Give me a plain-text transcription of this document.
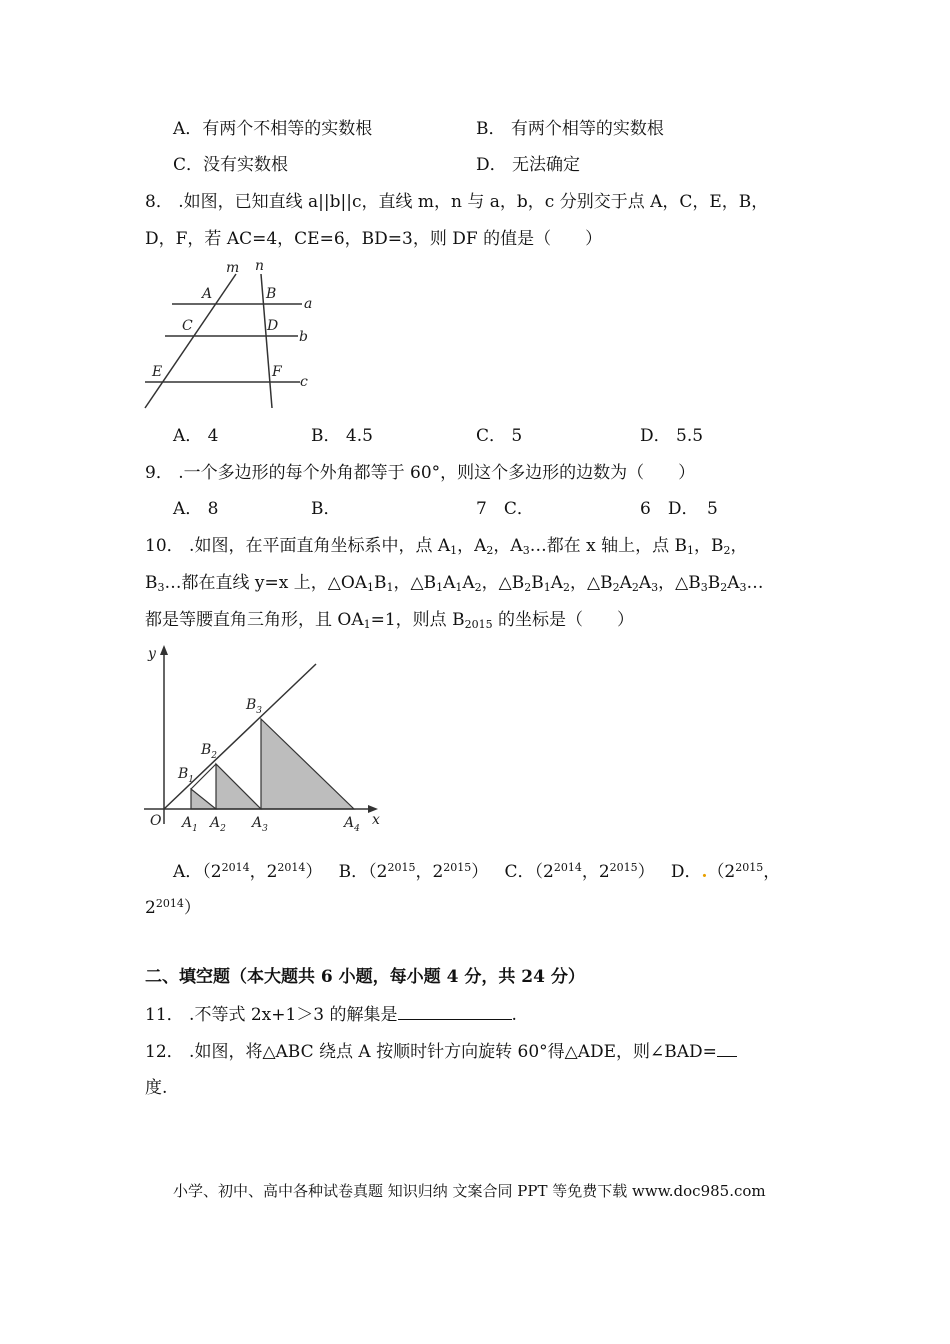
A．有两个不相等的实数根	B． 有两个相等的实数根
C．没有实数根	D． 无法确定
8． .如图，已知直线 a||b||c，直线 m，n 与 a，b，c 分别交于点 A，C，E，B，
D，F，若 AC=4，CE=6，BD=3，则 DF 的值是（　　）
m n
A	B
a
C	D
b
E	F
c
A． 4	B． 4.5	C． 5	D． 5.5
9． .一个多边形的每个外角都等于 60°，则这个多边形的边数为（　　）
A． 8	B．	7　C．	6　D．　5
10． .如图，在平面直角坐标系中，点 $A_1$，$A_2$，$A_3\dots$都在 x 轴上，点 $B_1$，$B_2$，
$B_3\dots$都在直线 y=x 上，$\triangle OA_1B_1$，$\triangle B_1A_1A_2$，$\triangle B_2B_1A_2$，$\triangle B_2A_2A_3$，$\triangle B_3B_2A_3\dots$
都是等腰直角三角形，且 $OA_1=1$，则点 $B_{2015}$ 的坐标是（　　）
y
x
O $A_1$ $A_2$ $A_3$	$A_4$
$B_1$
$B_2$
$B_3$
A．（$2^{2014}$，$2^{2014}$） B．（$2^{2015}$，$2^{2015}$） C．（$2^{2014}$，$2^{2015}$） D．$.(2^{2015}$，
$2^{2014}$）
二、填空题（本大题共 6 小题，每小题 4 分，共 24 分）
11． .不等式 2x+1＞3 的解集是	.
12． .如图，将△ABC 绕点 A 按顺时针方向旋转 60°得△ADE，则∠BAD=
度.
小学、初中、高中各种试卷真题 知识归纳 文案合同 PPT 等免费下载 www.doc985.com
